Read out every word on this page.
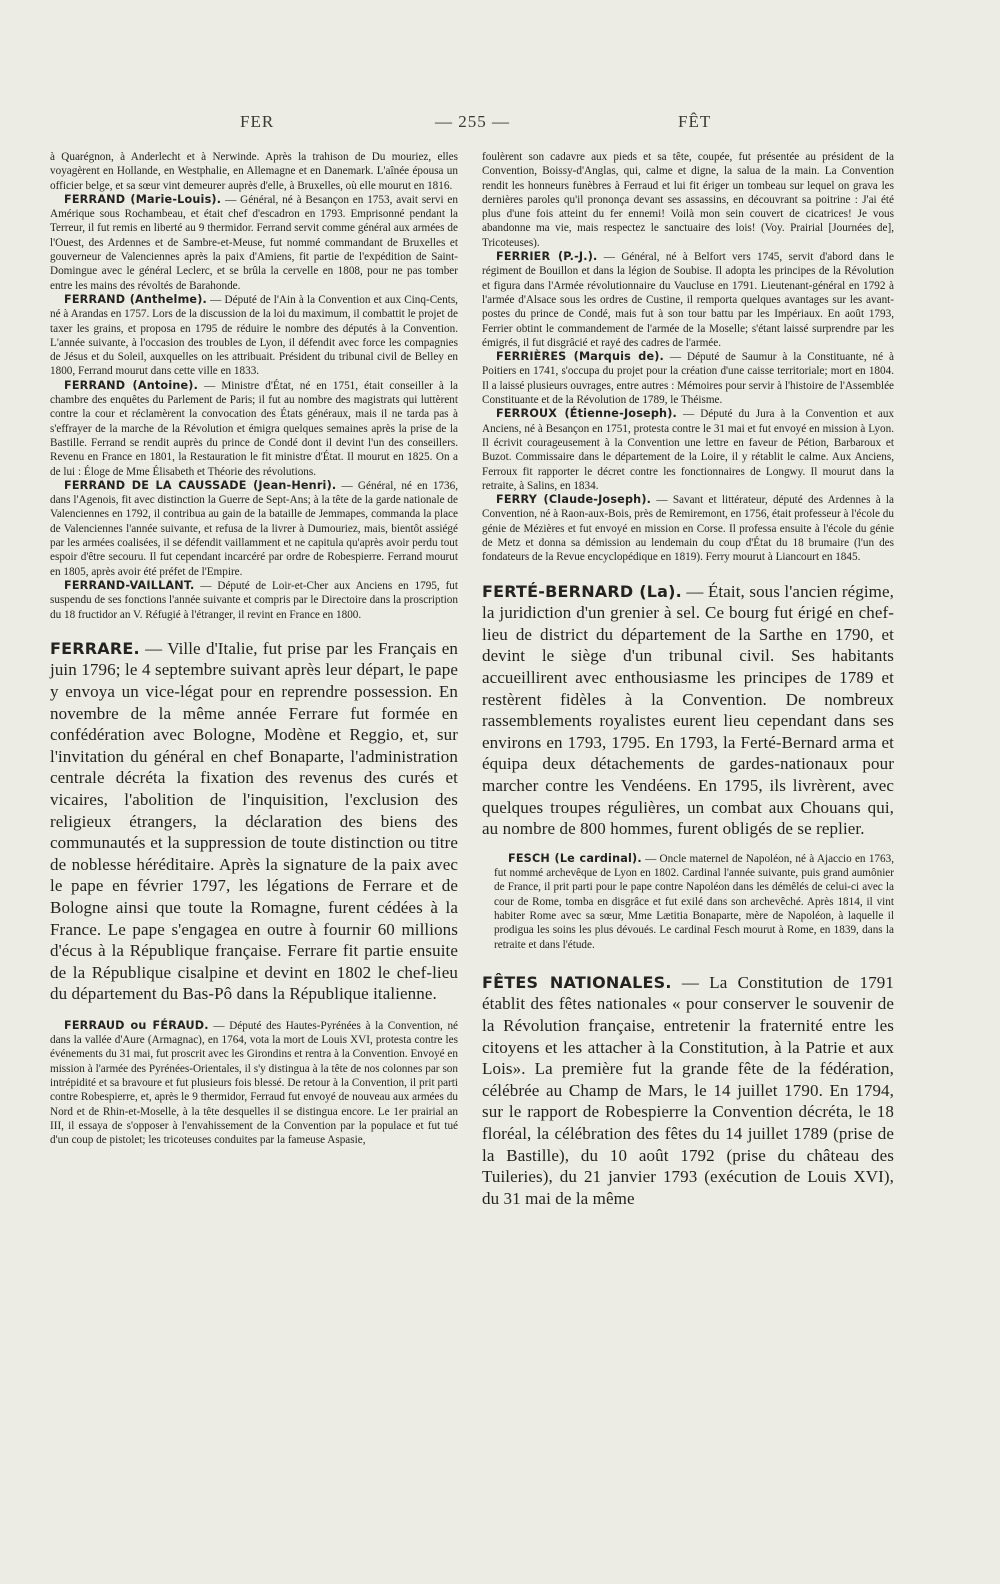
FER	— 255 —	FÊT

à Quarégnon, à Anderlecht et à Nerwinde. Après la trahison de Du mouriez, elles voyagèrent en Hollande, en Westphalie, en Allemagne et en Danemark. L'aînée épousa un officier belge, et sa sœur vint demeurer auprès d'elle, à Bruxelles, où elle mourut en 1816.

FERRAND (Marie-Louis). — Général, né à Besançon en 1753, avait servi en Amérique sous Rochambeau, et était chef d'escadron en 1793. Emprisonné pendant la Terreur, il fut remis en liberté au 9 thermidor. Ferrand servit comme général aux armées de l'Ouest, des Ardennes et de Sambre-et-Meuse, fut nommé commandant de Bruxelles et gouverneur de Valenciennes après la paix d'Amiens, fit partie de l'expédition de Saint-Domingue avec le général Leclerc, et se brûla la cervelle en 1808, pour ne pas tomber entre les mains des révoltés de Barahonde.

FERRAND (Anthelme). — Député de l'Ain à la Convention et aux Cinq-Cents, né à Arandas en 1757. Lors de la discussion de la loi du maximum, il combattit le projet de taxer les grains, et proposa en 1795 de réduire le nombre des députés à la Convention. L'année suivante, à l'occasion des troubles de Lyon, il défendit avec force les compagnies de Jésus et du Soleil, auxquelles on les attribuait. Président du tribunal civil de Belley en 1800, Ferrand mourut dans cette ville en 1833.

FERRAND (Antoine). — Ministre d'État, né en 1751, était conseiller à la chambre des enquêtes du Parlement de Paris; il fut au nombre des magistrats qui luttèrent contre la cour et réclamèrent la convocation des États généraux, mais il ne tarda pas à s'effrayer de la marche de la Révolution et émigra quelques semaines après la prise de la Bastille. Ferrand se rendit auprès du prince de Condé dont il devint l'un des conseillers. Revenu en France en 1801, la Restauration le fit ministre d'État. Il mourut en 1825. On a de lui : Éloge de Mme Élisabeth et Théorie des révolutions.

FERRAND DE LA CAUSSADE (Jean-Henri). — Général, né en 1736, dans l'Agenois, fit avec distinction la Guerre de Sept-Ans; à la tête de la garde nationale de Valenciennes en 1792, il contribua au gain de la bataille de Jemmapes, commanda la place de Valenciennes l'année suivante, et refusa de la livrer à Dumouriez, mais, bientôt assiégé par les armées coalisées, il se défendit vaillamment et ne capitula qu'après avoir perdu tout espoir d'être secouru. Il fut cependant incarcéré par ordre de Robespierre. Ferrand mourut en 1805, après avoir été préfet de l'Empire.

FERRAND-VAILLANT. — Député de Loir-et-Cher aux Anciens en 1795, fut suspendu de ses fonctions l'année suivante et compris par le Directoire dans la proscription du 18 fructidor an V. Réfugié à l'étranger, il revint en France en 1800.

FERRARE. — Ville d'Italie, fut prise par les Français en juin 1796; le 4 septembre suivant après leur départ, le pape y envoya un vice-légat pour en reprendre possession. En novembre de la même année Ferrare fut formée en confédération avec Bologne, Modène et Reggio, et, sur l'invitation du général en chef Bonaparte, l'administration centrale décréta la fixation des revenus des curés et vicaires, l'abolition de l'inquisition, l'exclusion des religieux étrangers, la déclaration des biens des communautés et la suppression de toute distinction ou titre de noblesse héréditaire. Après la signature de la paix avec le pape en février 1797, les légations de Ferrare et de Bologne ainsi que toute la Romagne, furent cédées à la France. Le pape s'engagea en outre à fournir 60 millions d'écus à la République française. Ferrare fit partie ensuite de la République cisalpine et devint en 1802 le chef-lieu du département du Bas-Pô dans la République italienne.

FERRAUD ou FÉRAUD. — Député des Hautes-Pyrénées à la Convention, né dans la vallée d'Aure (Armagnac), en 1764, vota la mort de Louis XVI, protesta contre les événements du 31 mai, fut proscrit avec les Girondins et rentra à la Convention. Envoyé en mission à l'armée des Pyrénées-Orientales, il s'y distingua à la tête de nos colonnes par son intrépidité et sa bravoure et fut plusieurs fois blessé. De retour à la Convention, il prit parti contre Robespierre, et, après le 9 thermidor, Ferraud fut envoyé de nouveau aux armées du Nord et de Rhin-et-Moselle, à la tête desquelles il se distingua encore. Le 1er prairial an III, il essaya de s'opposer à l'envahissement de la Convention par la populace et fut tué d'un coup de pistolet; les tricoteuses conduites par la fameuse Aspasie,

foulèrent son cadavre aux pieds et sa tête, coupée, fut présentée au président de la Convention, Boissy-d'Anglas, qui, calme et digne, la salua de la main. La Convention rendit les honneurs funèbres à Ferraud et lui fit ériger un tombeau sur lequel on grava les dernières paroles qu'il prononça devant ses assassins, en découvrant sa poitrine : J'ai été plus d'une fois atteint du fer ennemi! Voilà mon sein couvert de cicatrices! Je vous abandonne ma vie, mais respectez le sanctuaire des lois! (Voy. Prairial [Journées de], Tricoteuses).

FERRIER (P.-J.). — Général, né à Belfort vers 1745, servit d'abord dans le régiment de Bouillon et dans la légion de Soubise. Il adopta les principes de la Révolution et figura dans l'Armée révolutionnaire du Vaucluse en 1791. Lieutenant-général en 1792 à l'armée d'Alsace sous les ordres de Custine, il remporta quelques avantages sur les avant-postes du prince de Condé, mais fut à son tour battu par les Impériaux. En août 1793, Ferrier obtint le commandement de l'armée de la Moselle; s'étant laissé surprendre par les émigrés, il fut disgrâcié et rayé des cadres de l'armée.

FERRIÈRES (Marquis de). — Député de Saumur à la Constituante, né à Poitiers en 1741, s'occupa du projet pour la création d'une caisse territoriale; mort en 1804. Il a laissé plusieurs ouvrages, entre autres : Mémoires pour servir à l'histoire de l'Assemblée Constituante et de la Révolution de 1789, le Théisme.

FERROUX (Étienne-Joseph). — Député du Jura à la Convention et aux Anciens, né à Besançon en 1751, protesta contre le 31 mai et fut envoyé en mission à Lyon. Il écrivit courageusement à la Convention une lettre en faveur de Pétion, Barbaroux et Buzot. Commissaire dans le département de la Loire, il y rétablit le calme. Aux Anciens, Ferroux fit rapporter le décret contre les fonctionnaires de Longwy. Il mourut dans la retraite, à Salins, en 1834.

FERRY (Claude-Joseph). — Savant et littérateur, député des Ardennes à la Convention, né à Raon-aux-Bois, près de Remiremont, en 1756, était professeur à l'école du génie de Mézières et fut envoyé en mission en Corse. Il professa ensuite à l'école du génie de Metz et donna sa démission au lendemain du coup d'État du 18 brumaire (l'un des fondateurs de la Revue encyclopédique en 1819). Ferry mourut à Liancourt en 1845.

FERTÉ-BERNARD (La). — Était, sous l'ancien régime, la juridiction d'un grenier à sel. Ce bourg fut érigé en chef-lieu de district du département de la Sarthe en 1790, et devint le siège d'un tribunal civil. Ses habitants accueillirent avec enthousiasme les principes de 1789 et restèrent fidèles à la Convention. De nombreux rassemblements royalistes eurent lieu cependant dans ses environs en 1793, 1795. En 1793, la Ferté-Bernard arma et équipa deux détachements de gardes-nationaux pour marcher contre les Vendéens. En 1795, ils livrèrent, avec quelques troupes régulières, un combat aux Chouans qui, au nombre de 800 hommes, furent obligés de se replier.

FESCH (Le cardinal). — Oncle maternel de Napoléon, né à Ajaccio en 1763, fut nommé archevêque de Lyon en 1802. Cardinal l'année suivante, puis grand aumônier de France, il prit parti pour le pape contre Napoléon dans les démêlés de celui-ci avec la cour de Rome, tomba en disgrâce et fut exilé dans son archevêché. Après 1814, il vint habiter Rome avec sa sœur, Mme Lætitia Bonaparte, mère de Napoléon, à laquelle il prodigua les soins les plus dévoués. Le cardinal Fesch mourut à Rome, en 1839, dans la retraite et dans l'étude.

FÊTES NATIONALES. — La Constitution de 1791 établit des fêtes nationales « pour conserver le souvenir de la Révolution française, entretenir la fraternité entre les citoyens et les attacher à la Constitution, à la Patrie et aux Lois». La première fut la grande fête de la fédération, célébrée au Champ de Mars, le 14 juillet 1790. En 1794, sur le rapport de Robespierre la Convention décréta, le 18 floréal, la célébration des fêtes du 14 juillet 1789 (prise de la Bastille), du 10 août 1792 (prise du château des Tuileries), du 21 janvier 1793 (exécution de Louis XVI), du 31 mai de la même
